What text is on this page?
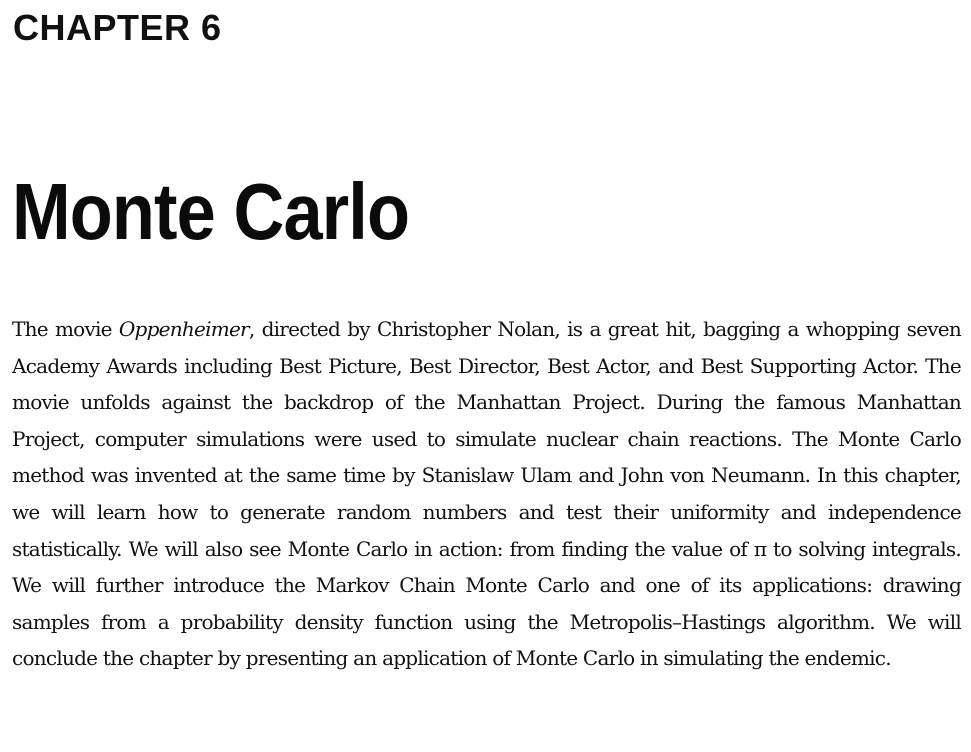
CHAPTER 6
Monte Carlo

The movie Oppenheimer, directed by Christopher Nolan, is a great hit, bagging a whopping seven Academy Awards including Best Picture, Best Director, Best Actor, and Best Supporting Actor. The movie unfolds against the backdrop of the Manhattan Project. During the famous Manhattan Project, computer simulations were used to simulate nuclear chain reactions. The Monte Carlo method was invented at the same time by Stanislaw Ulam and John von Neumann. In this chapter, we will learn how to generate random numbers and test their uniformity and independence statistically. We will also see Monte Carlo in action: from finding the value of π to solving integrals. We will further introduce the Markov Chain Monte Carlo and one of its applications: drawing samples from a probability density function using the Metropolis–Hastings algorithm. We will conclude the chapter by presenting an application of Monte Carlo in simulating the endemic.
